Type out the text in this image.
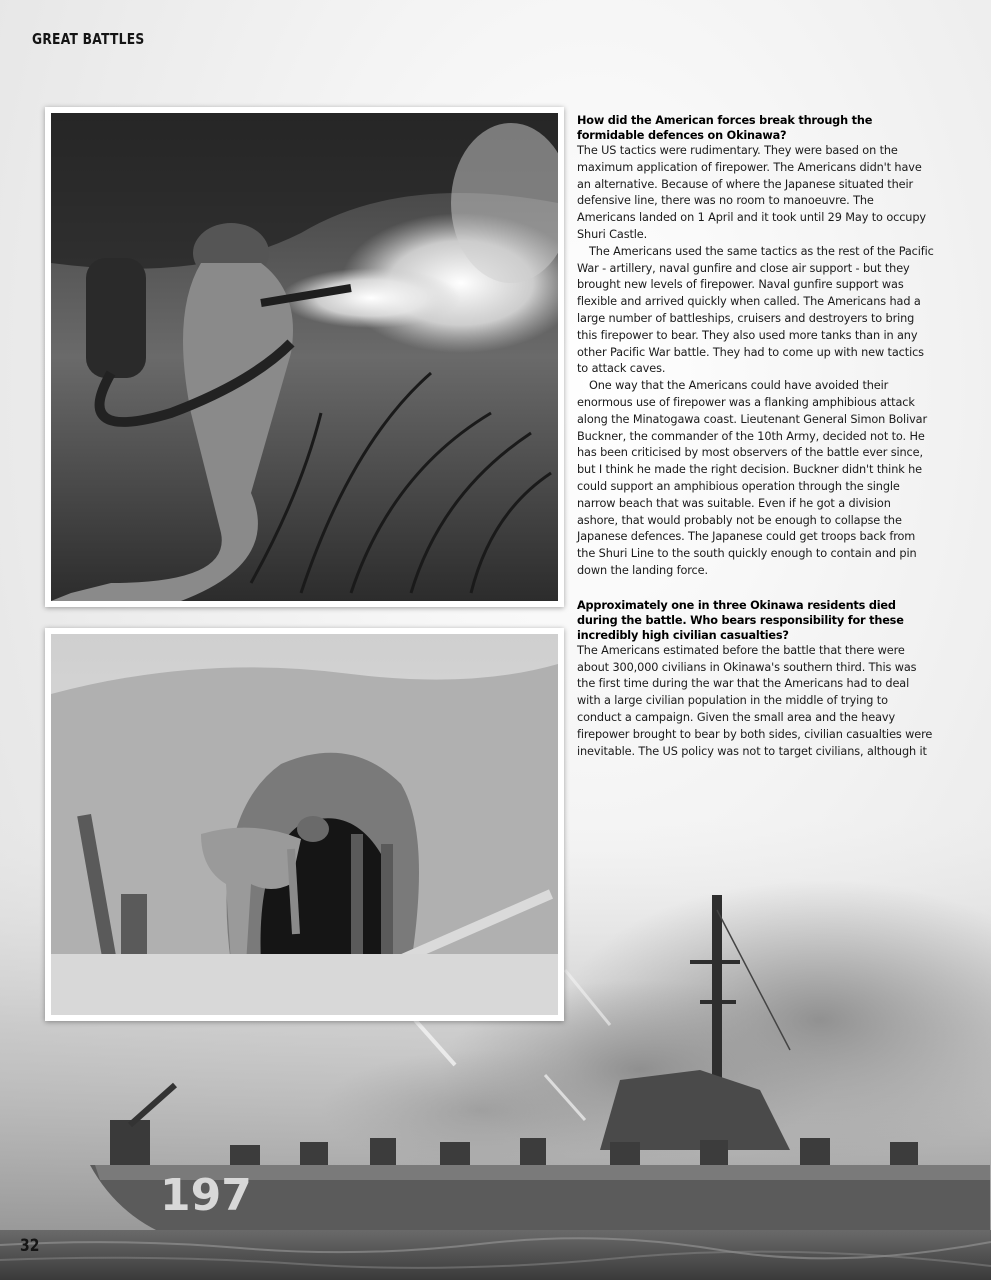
GREAT BATTLES
197
How did the American forces break through the formidable defences on Okinawa?

The US tactics were rudimentary. They were based on the maximum application of firepower. The Americans didn't have an alternative. Because of where the Japanese situated their defensive line, there was no room to manoeuvre. The Americans landed on 1 April and it took until 29 May to occupy Shuri Castle.

The Americans used the same tactics as the rest of the Pacific War - artillery, naval gunfire and close air support - but they brought new levels of firepower. Naval gunfire support was flexible and arrived quickly when called. The Americans had a large number of battleships, cruisers and destroyers to bring this firepower to bear. They also used more tanks than in any other Pacific War battle. They had to come up with new tactics to attack caves.

One way that the Americans could have avoided their enormous use of firepower was a flanking amphibious attack along the Minatogawa coast. Lieutenant General Simon Bolivar Buckner, the commander of the 10th Army, decided not to. He has been criticised by most observers of the battle ever since, but I think he made the right decision. Buckner didn't think he could support an amphibious operation through the single narrow beach that was suitable. Even if he got a division ashore, that would probably not be enough to collapse the Japanese defences. The Japanese could get troops back from the Shuri Line to the south quickly enough to contain and pin down the landing force.

Approximately one in three Okinawa residents died during the battle. Who bears responsibility for these incredibly high civilian casualties?

The Americans estimated before the battle that there were about 300,000 civilians in Okinawa's southern third. This was the first time during the war that the Americans had to deal with a large civilian population in the middle of trying to conduct a campaign. Given the small area and the heavy firepower brought to bear by both sides, civilian casualties were inevitable. The US policy was not to target civilians, although it

32
